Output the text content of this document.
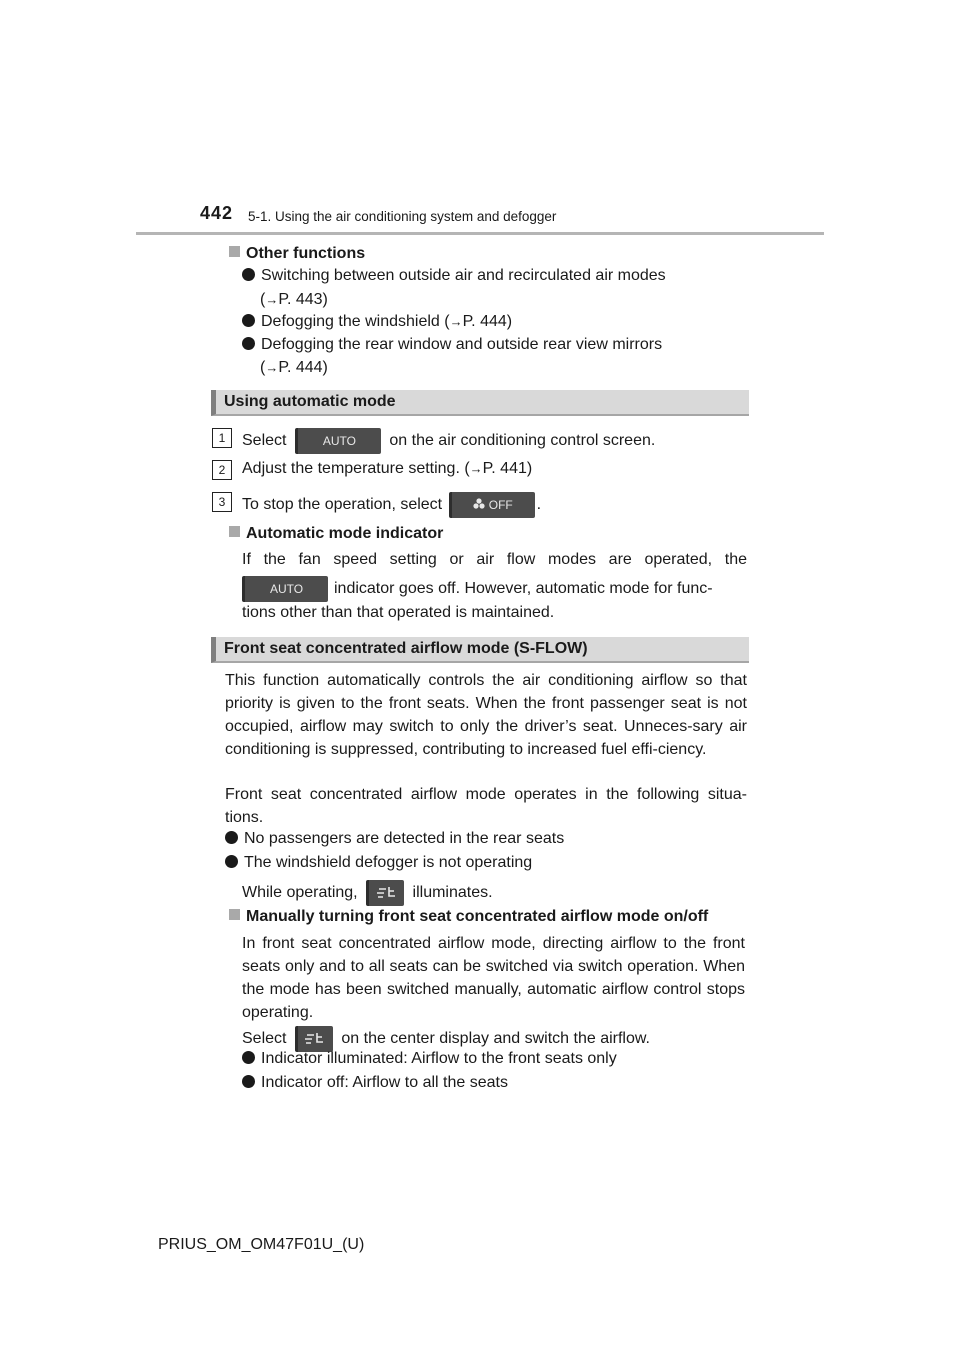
442 5-1. Using the air conditioning system and defogger
Other functions
Switching between outside air and recirculated air modes
(→P. 443)
Defogging the windshield (→P. 444)
Defogging the rear window and outside rear view mirrors
(→P. 444)
Using automatic mode
1	Select	AUTO on the air conditioning control screen.
2	Adjust the temperature setting. (→P. 441)
3	To stop the operation, select	OFF .
Automatic mode indicator
If the fan speed setting or air flow modes are operated, the
AUTO indicator goes off. However, automatic mode for func-
tions other than that operated is maintained.
Front seat concentrated airflow mode (S-FLOW)
This function automatically controls the air conditioning airflow so that priority is given to the front seats. When the front passenger seat is not occupied, airflow may switch to only the driver’s seat. Unneces-sary air conditioning is suppressed, contributing to increased fuel effi-ciency.
Front seat concentrated airflow mode operates in the following situa-tions.
No passengers are detected in the rear seats
The windshield defogger is not operating
While operating,	illuminates.
Manually turning front seat concentrated airflow mode on/off
In front seat concentrated airflow mode, directing airflow to the front seats only and to all seats can be switched via switch operation. When the mode has been switched manually, automatic airflow control stops operating.
Select	on the center display and switch the airflow.
Indicator illuminated: Airflow to the front seats only
Indicator off: Airflow to all the seats
PRIUS_OM_OM47F01U_(U)
